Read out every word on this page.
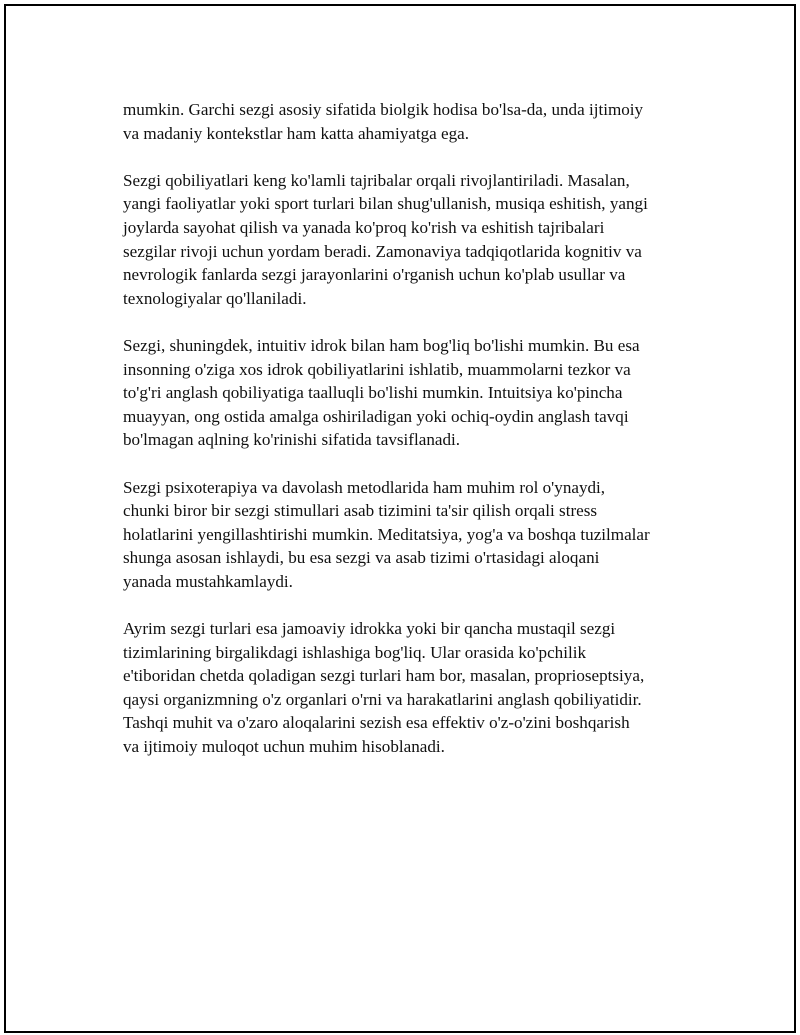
mumkin. Garchi sezgi asosiy sifatida biolgik hodisa bo'lsa-da, unda ijtimoiy
va madaniy kontekstlar ham katta ahamiyatga ega.

Sezgi qobiliyatlari keng ko'lamli tajribalar orqali rivojlantiriladi. Masalan,
yangi faoliyatlar yoki sport turlari bilan shug'ullanish, musiqa eshitish, yangi
joylarda sayohat qilish va yanada ko'proq ko'rish va eshitish tajribalari
sezgilar rivoji uchun yordam beradi. Zamonaviya tadqiqotlarida kognitiv va
nevrologik fanlarda sezgi jarayonlarini o'rganish uchun ko'plab usullar va
texnologiyalar qo'llaniladi.

Sezgi, shuningdek, intuitiv idrok bilan ham bog'liq bo'lishi mumkin. Bu esa
insonning o'ziga xos idrok qobiliyatlarini ishlatib, muammolarni tezkor va
to'g'ri anglash qobiliyatiga taalluqli bo'lishi mumkin. Intuitsiya ko'pincha
muayyan, ong ostida amalga oshiriladigan yoki ochiq-oydin anglash tavqi
bo'lmagan aqlning ko'rinishi sifatida tavsiflanadi.

Sezgi psixoterapiya va davolash metodlarida ham muhim rol o'ynaydi,
chunki biror bir sezgi stimullari asab tizimini ta'sir qilish orqali stress
holatlarini yengillashtirishi mumkin. Meditatsiya, yog'a va boshqa tuzilmalar
shunga asosan ishlaydi, bu esa sezgi va asab tizimi o'rtasidagi aloqani
yanada mustahkamlaydi.

Ayrim sezgi turlari esa jamoaviy idrokka yoki bir qancha mustaqil sezgi
tizimlarining birgalikdagi ishlashiga bog'liq. Ular orasida ko'pchilik
e'tiboridan chetda qoladigan sezgi turlari ham bor, masalan, proprioseptsiya,
qaysi organizmning o'z organlari o'rni va harakatlarini anglash qobiliyatidir.
Tashqi muhit va o'zaro aloqalarini sezish esa effektiv o'z-o'zini boshqarish
va ijtimoiy muloqot uchun muhim hisoblanadi.
